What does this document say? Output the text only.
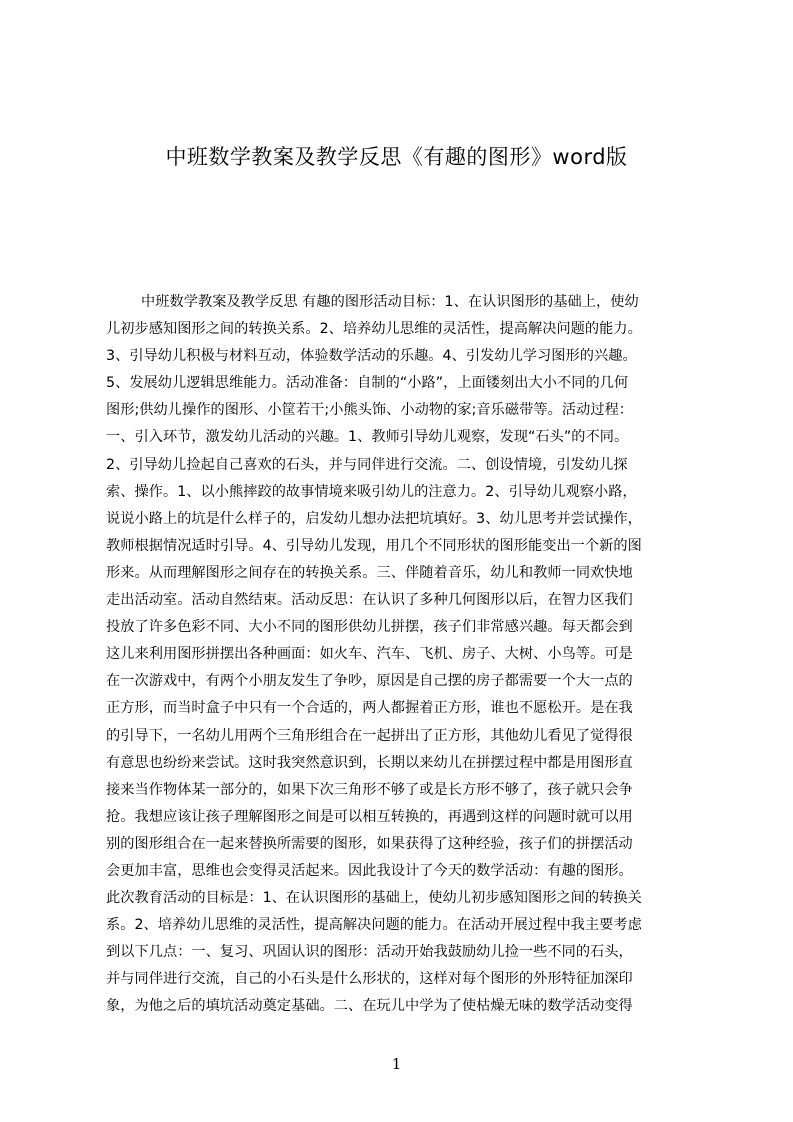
中班数学教案及教学反思《有趣的图形》word版
中班数学教案及教学反思 有趣的图形活动目标：1、在认识图形的基础上，使幼
儿初步感知图形之间的转换关系。2、培养幼儿思维的灵活性，提高解决问题的能力。
3、引导幼儿积极与材料互动，体验数学活动的乐趣。4、引发幼儿学习图形的兴趣。
5、发展幼儿逻辑思维能力。活动准备：自制的“小路”，上面镂刻出大小不同的几何
图形;供幼儿操作的图形、小筐若干;小熊头饰、小动物的家;音乐磁带等。活动过程：
一、引入环节，激发幼儿活动的兴趣。1、教师引导幼儿观察，发现“石头”的不同。
2、引导幼儿捡起自己喜欢的石头，并与同伴进行交流。二、创设情境，引发幼儿探
索、操作。1、以小熊摔跤的故事情境来吸引幼儿的注意力。2、引导幼儿观察小路，
说说小路上的坑是什么样子的，启发幼儿想办法把坑填好。3、幼儿思考并尝试操作，
教师根据情况适时引导。4、引导幼儿发现，用几个不同形状的图形能变出一个新的图
形来。从而理解图形之间存在的转换关系。三、伴随着音乐，幼儿和教师一同欢快地
走出活动室。活动自然结束。活动反思：在认识了多种几何图形以后，在智力区我们
投放了许多色彩不同、大小不同的图形供幼儿拼摆，孩子们非常感兴趣。每天都会到
这儿来利用图形拼摆出各种画面：如火车、汽车、飞机、房子、大树、小鸟等。可是
在一次游戏中，有两个小朋友发生了争吵，原因是自己摆的房子都需要一个大一点的
正方形，而当时盒子中只有一个合适的，两人都握着正方形，谁也不愿松开。是在我
的引导下，一名幼儿用两个三角形组合在一起拼出了正方形，其他幼儿看见了觉得很
有意思也纷纷来尝试。这时我突然意识到，长期以来幼儿在拼摆过程中都是用图形直
接来当作物体某一部分的，如果下次三角形不够了或是长方形不够了，孩子就只会争
抢。我想应该让孩子理解图形之间是可以相互转换的，再遇到这样的问题时就可以用
别的图形组合在一起来替换所需要的图形，如果获得了这种经验，孩子们的拼摆活动
会更加丰富，思维也会变得灵活起来。因此我设计了今天的数学活动：有趣的图形。
此次教育活动的目标是：1、在认识图形的基础上，使幼儿初步感知图形之间的转换关
系。2、培养幼儿思维的灵活性，提高解决问题的能力。在活动开展过程中我主要考虑
到以下几点：一、复习、巩固认识的图形：活动开始我鼓励幼儿捡一些不同的石头，
并与同伴进行交流，自己的小石头是什么形状的，这样对每个图形的外形特征加深印
象，为他之后的填坑活动奠定基础。二、在玩儿中学为了使枯燥无味的数学活动变得
1
